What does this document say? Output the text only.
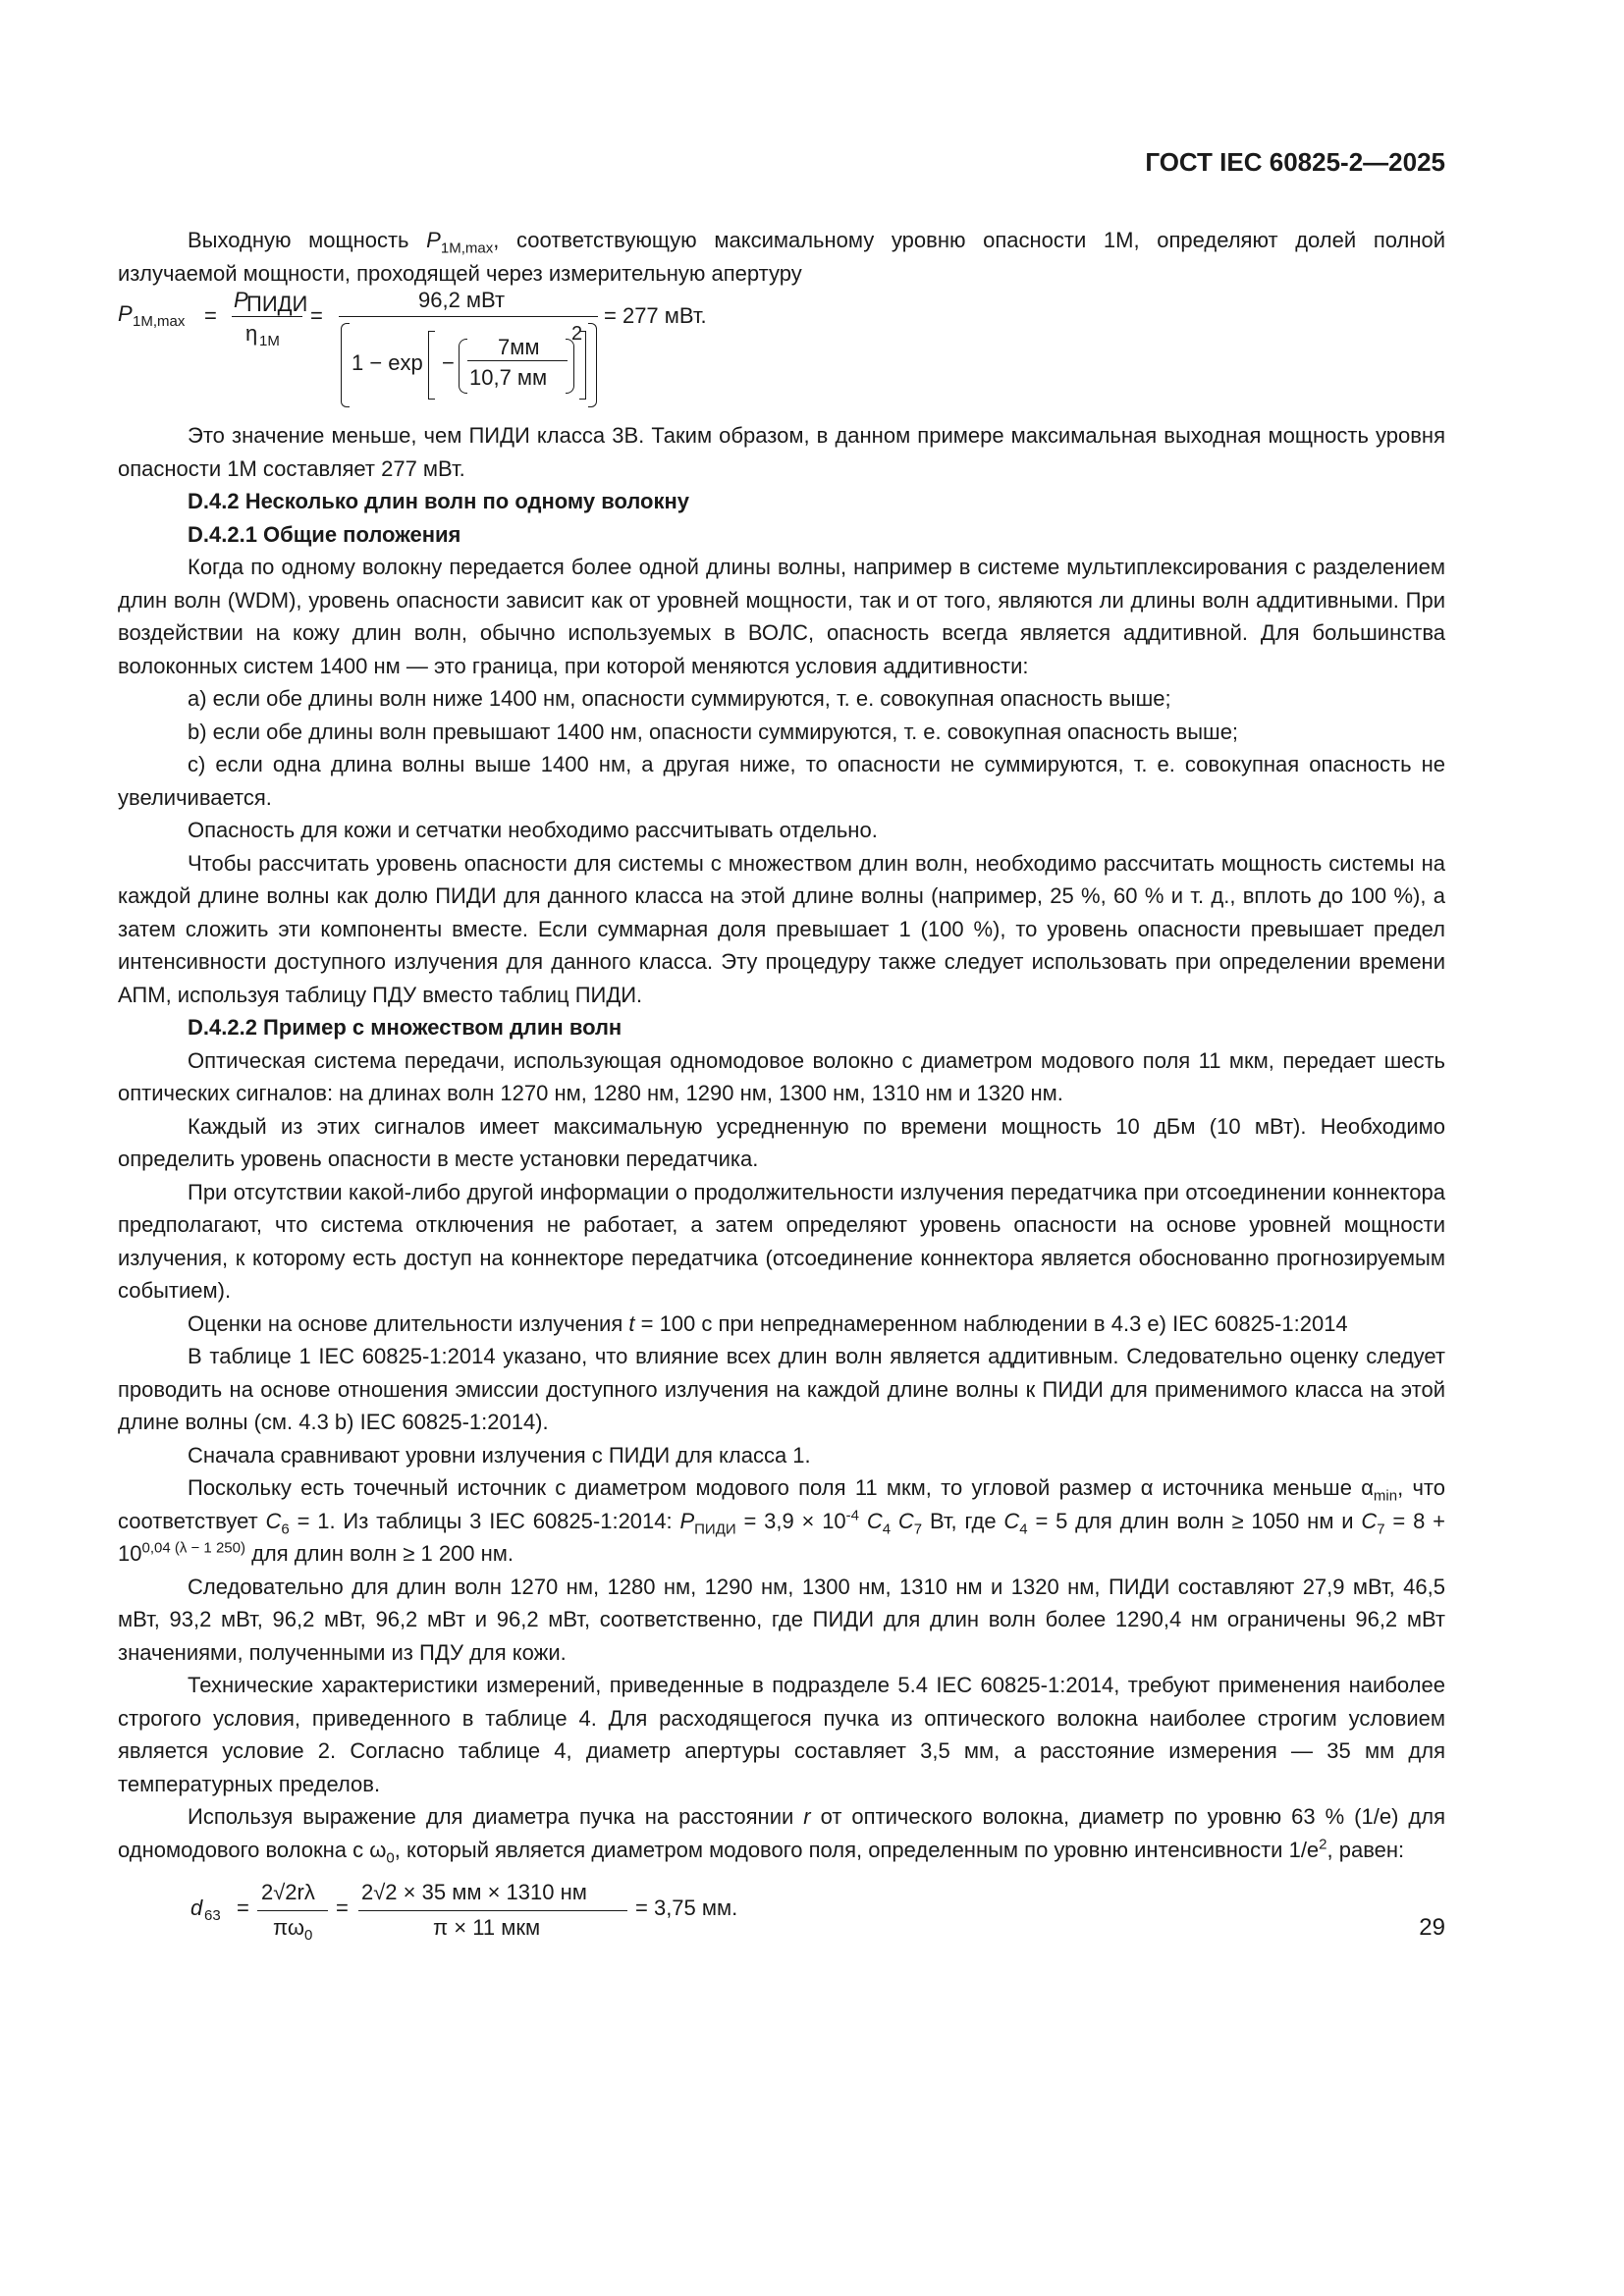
ГОСТ IEC 60825-2—2025

Выходную мощность $P_{1M,max}$, соответствующую максимальному уровню опасности 1М, определяют долей полной излучаемой мощности, проходящей через измерительную апертуру

P 1M,max =
P
ПИДИ
η 1M
=
96,2 мВт
1 − exp −
7мм
10,7 мм
2
= 277 мВт.

Это значение меньше, чем ПИДИ класса 3В. Таким образом, в данном примере максимальная выходная мощность уровня опасности 1М составляет 277 мВт.

D.4.2 Несколько длин волн по одному волокну
D.4.2.1 Общие положения

Когда по одному волокну передается более одной длины волны, например в системе мультиплексирования с разделением длин волн (WDM), уровень опасности зависит как от уровней мощности, так и от того, являются ли длины волн аддитивными. При воздействии на кожу длин волн, обычно используемых в ВОЛС, опасность всегда является аддитивной. Для большинства волоконных систем 1400 нм — это граница, при которой меняются условия аддитивности:

a) если обе длины волн ниже 1400 нм, опасности суммируются, т. е. совокупная опасность выше;

b) если обе длины волн превышают 1400 нм, опасности суммируются, т. е. совокупная опасность выше;

c) если одна длина волны выше 1400 нм, а другая ниже, то опасности не суммируются, т. е. совокупная опасность не увеличивается.

Опасность для кожи и сетчатки необходимо рассчитывать отдельно.

Чтобы рассчитать уровень опасности для системы с множеством длин волн, необходимо рассчитать мощность системы на каждой длине волны как долю ПИДИ для данного класса на этой длине волны (например, 25 %, 60 % и т. д., вплоть до 100 %), а затем сложить эти компоненты вместе. Если суммарная доля превышает 1 (100 %), то уровень опасности превышает предел интенсивности доступного излучения для данного класса. Эту процедуру также следует использовать при определении времени АПМ, используя таблицу ПДУ вместо таблиц ПИДИ.

D.4.2.2 Пример с множеством длин волн

Оптическая система передачи, использующая одномодовое волокно с диаметром модового поля 11 мкм, передает шесть оптических сигналов: на длинах волн 1270 нм, 1280 нм, 1290 нм, 1300 нм, 1310 нм и 1320 нм.

Каждый из этих сигналов имеет максимальную усредненную по времени мощность 10 дБм (10 мВт). Необходимо определить уровень опасности в месте установки передатчика.

При отсутствии какой-либо другой информации о продолжительности излучения передатчика при отсоединении коннектора предполагают, что система отключения не работает, а затем определяют уровень опасности на основе уровней мощности излучения, к которому есть доступ на коннекторе передатчика (отсоединение коннектора является обоснованно прогнозируемым событием).

Оценки на основе длительности излучения t = 100 с при непреднамеренном наблюдении в 4.3 е) IEC 60825-1:2014

В таблице 1 IEC 60825-1:2014 указано, что влияние всех длин волн является аддитивным. Следовательно оценку следует проводить на основе отношения эмиссии доступного излучения на каждой длине волны к ПИДИ для применимого класса на этой длине волны (см. 4.3 b) IEC 60825-1:2014).

Сначала сравнивают уровни излучения с ПИДИ для класса 1.

Поскольку есть точечный источник с диаметром модового поля 11 мкм, то угловой размер α источника меньше $\alpha_{min}$, что соответствует $C_6 = 1$. Из таблицы 3 IEC 60825-1:2014: $P_{ПИДИ} = 3,9 \times 10^{-4}$ $C_4$ $C_7$ Вт, где $C_4 = 5$ для длин волн ≥ 1050 нм и $C_7 = 8 + 10^{0,04 (\lambda - 1 250)}$ для длин волн ≥ 1 200 нм.

Следовательно для длин волн 1270 нм, 1280 нм, 1290 нм, 1300 нм, 1310 нм и 1320 нм, ПИДИ составляют 27,9 мВт, 46,5 мВт, 93,2 мВт, 96,2 мВт, 96,2 мВт и 96,2 мВт, соответственно, где ПИДИ для длин волн более 1290,4 нм ограничены 96,2 мВт значениями, полученными из ПДУ для кожи.

Технические характеристики измерений, приведенные в подразделе 5.4 IEC 60825-1:2014, требуют применения наиболее строгого условия, приведенного в таблице 4. Для расходящегося пучка из оптического волокна наиболее строгим условием является условие 2. Согласно таблице 4, диаметр апертуры составляет 3,5 мм, а расстояние измерения — 35 мм для температурных пределов.

Используя выражение для диаметра пучка на расстоянии r от оптического волокна, диаметр по уровню 63 % (1/e) для одномодового волокна с $\omega_0$, который является диаметром модового поля, определенным по уровню интенсивности $1/e^2$, равен:

d 63 =
2√2rλ
πω 0
=
2√2 × 35 мм × 1310 нм
π × 11 мкм
= 3,75 мм.
29
